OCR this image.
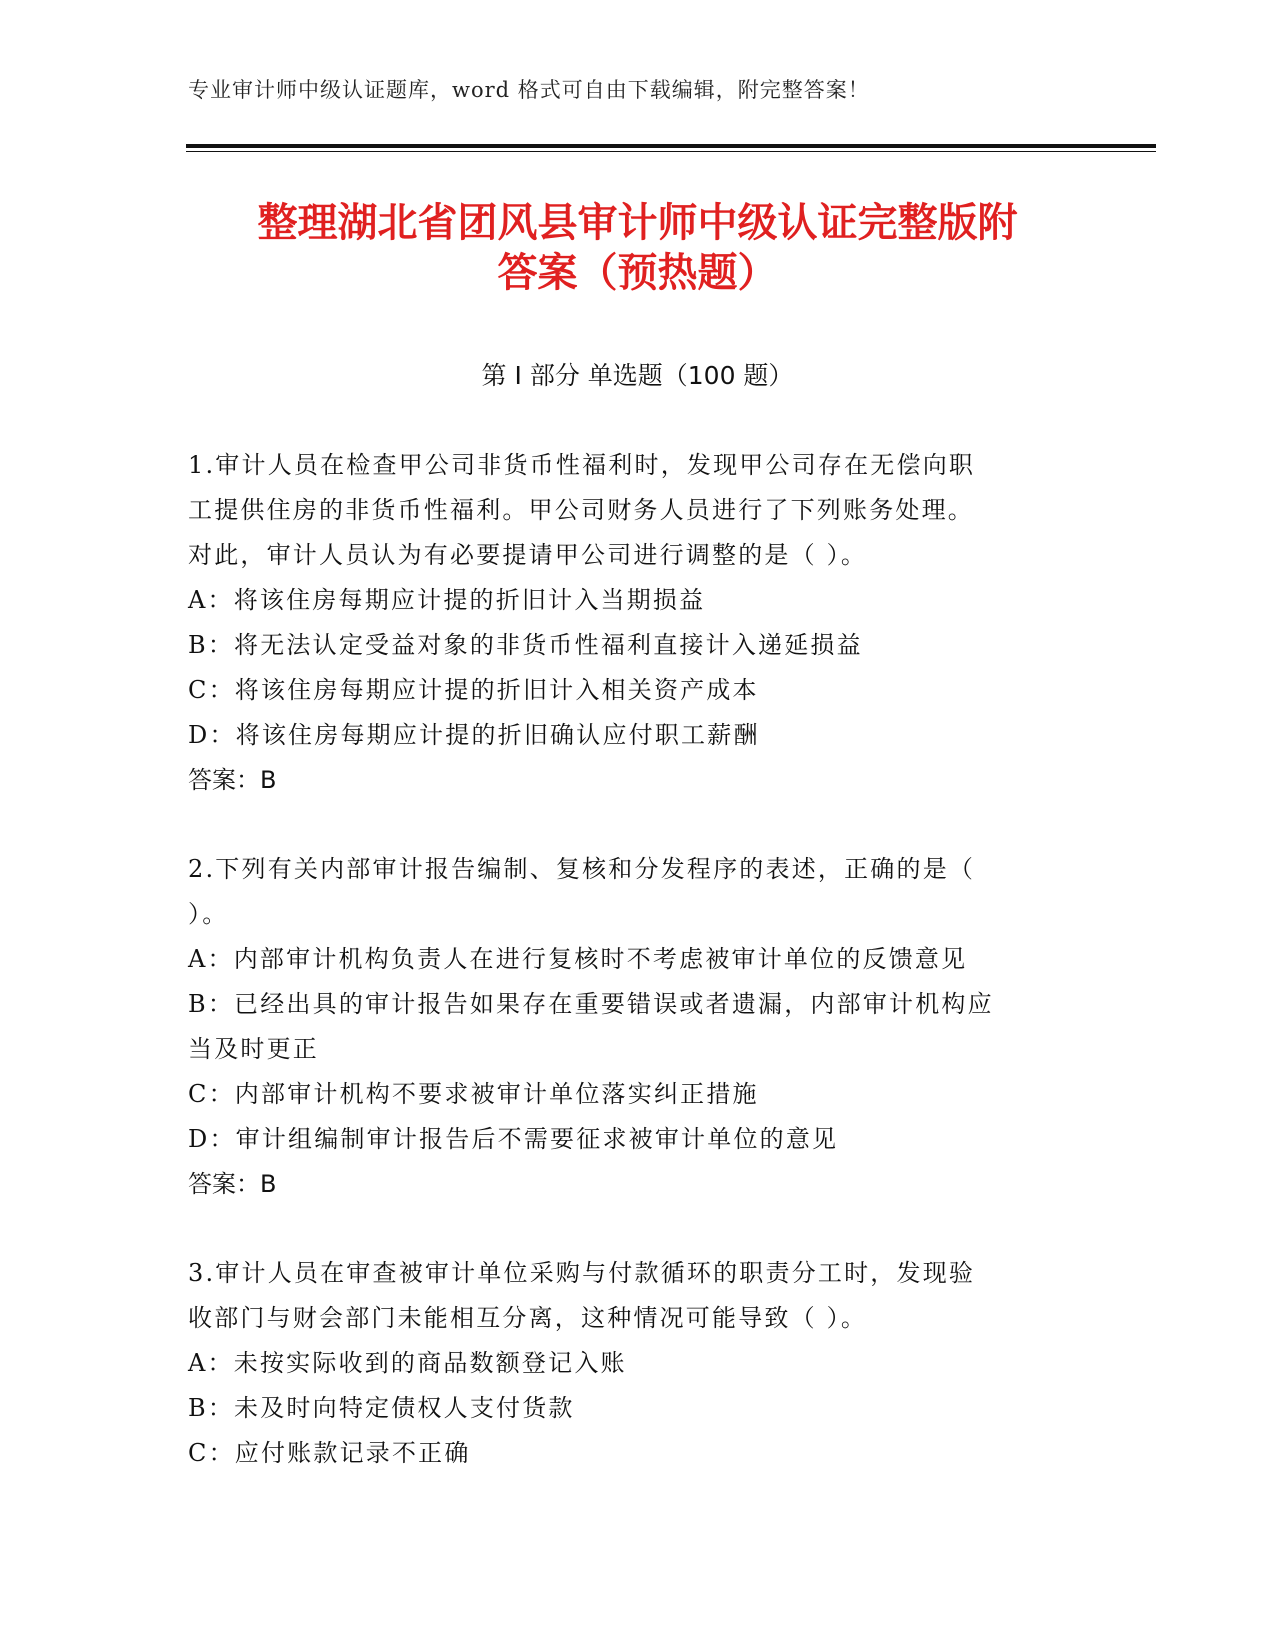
专业审计师中级认证题库，word 格式可自由下载编辑，附完整答案！
整理湖北省团风县审计师中级认证完整版附
答案（预热题）
第 I 部分 单选题（100 题）

1.审计人员在检查甲公司非货币性福利时，发现甲公司存在无偿向职

工提供住房的非货币性福利。甲公司财务人员进行了下列账务处理。

对此，审计人员认为有必要提请甲公司进行调整的是（ ）。

A：将该住房每期应计提的折旧计入当期损益

B：将无法认定受益对象的非货币性福利直接计入递延损益

C：将该住房每期应计提的折旧计入相关资产成本

D：将该住房每期应计提的折旧确认应付职工薪酬

答案：B

2.下列有关内部审计报告编制、复核和分发程序的表述，正确的是（

）。

A：内部审计机构负责人在进行复核时不考虑被审计单位的反馈意见

B：已经出具的审计报告如果存在重要错误或者遗漏，内部审计机构应

当及时更正

C：内部审计机构不要求被审计单位落实纠正措施

D：审计组编制审计报告后不需要征求被审计单位的意见

答案：B

3.审计人员在审查被审计单位采购与付款循环的职责分工时，发现验

收部门与财会部门未能相互分离，这种情况可能导致（ ）。

A：未按实际收到的商品数额登记入账

B：未及时向特定债权人支付货款

C：应付账款记录不正确
